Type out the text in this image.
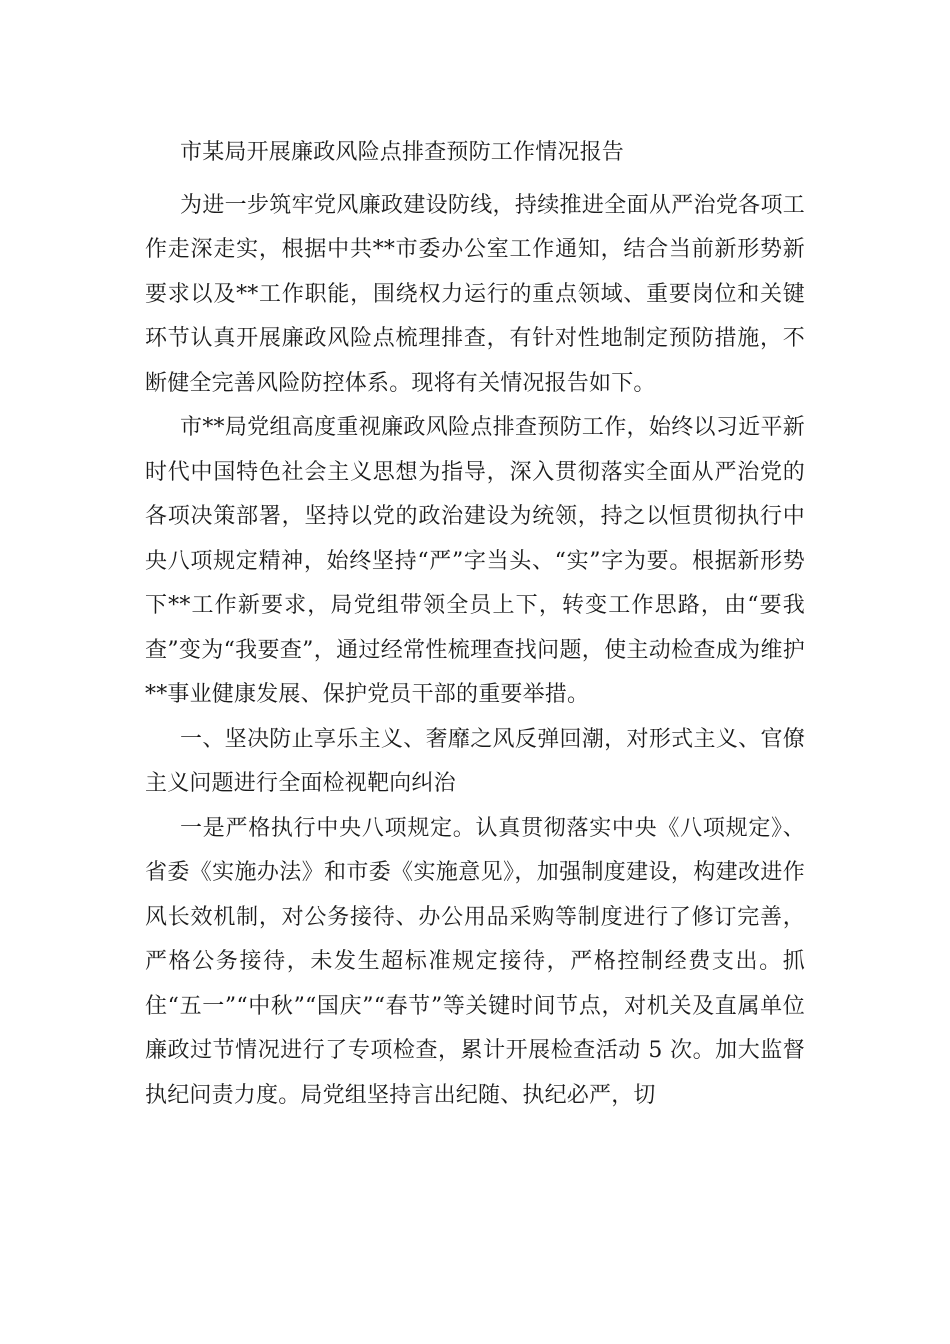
市某局开展廉政风险点排查预防工作情况报告

为进一步筑牢党风廉政建设防线，持续推进全面从严治党各项工作走深走实，根据中共**市委办公室工作通知，结合当前新形势新要求以及**工作职能，围绕权力运行的重点领域、重要岗位和关键环节认真开展廉政风险点梳理排查，有针对性地制定预防措施，不断健全完善风险防控体系。现将有关情况报告如下。

市**局党组高度重视廉政风险点排查预防工作，始终以习近平新时代中国特色社会主义思想为指导，深入贯彻落实全面从严治党的各项决策部署，坚持以党的政治建设为统领，持之以恒贯彻执行中央八项规定精神，始终坚持“严”字当头、“实”字为要。根据新形势下**工作新要求，局党组带领全员上下，转变工作思路，由“要我查”变为“我要查”，通过经常性梳理查找问题，使主动检查成为维护**事业健康发展、保护党员干部的重要举措。

一、坚决防止享乐主义、奢靡之风反弹回潮，对形式主义、官僚主义问题进行全面检视靶向纠治

一是严格执行中央八项规定。认真贯彻落实中央《八项规定》、省委《实施办法》和市委《实施意见》，加强制度建设，构建改进作风长效机制，对公务接待、办公用品采购等制度进行了修订完善，严格公务接待，未发生超标准规定接待，严格控制经费支出。抓住“五一”“中秋”“国庆”“春节”等关键时间节点，对机关及直属单位廉政过节情况进行了专项检查，累计开展检查活动 5 次。加大监督执纪问责力度。局党组坚持言出纪随、执纪必严，切
